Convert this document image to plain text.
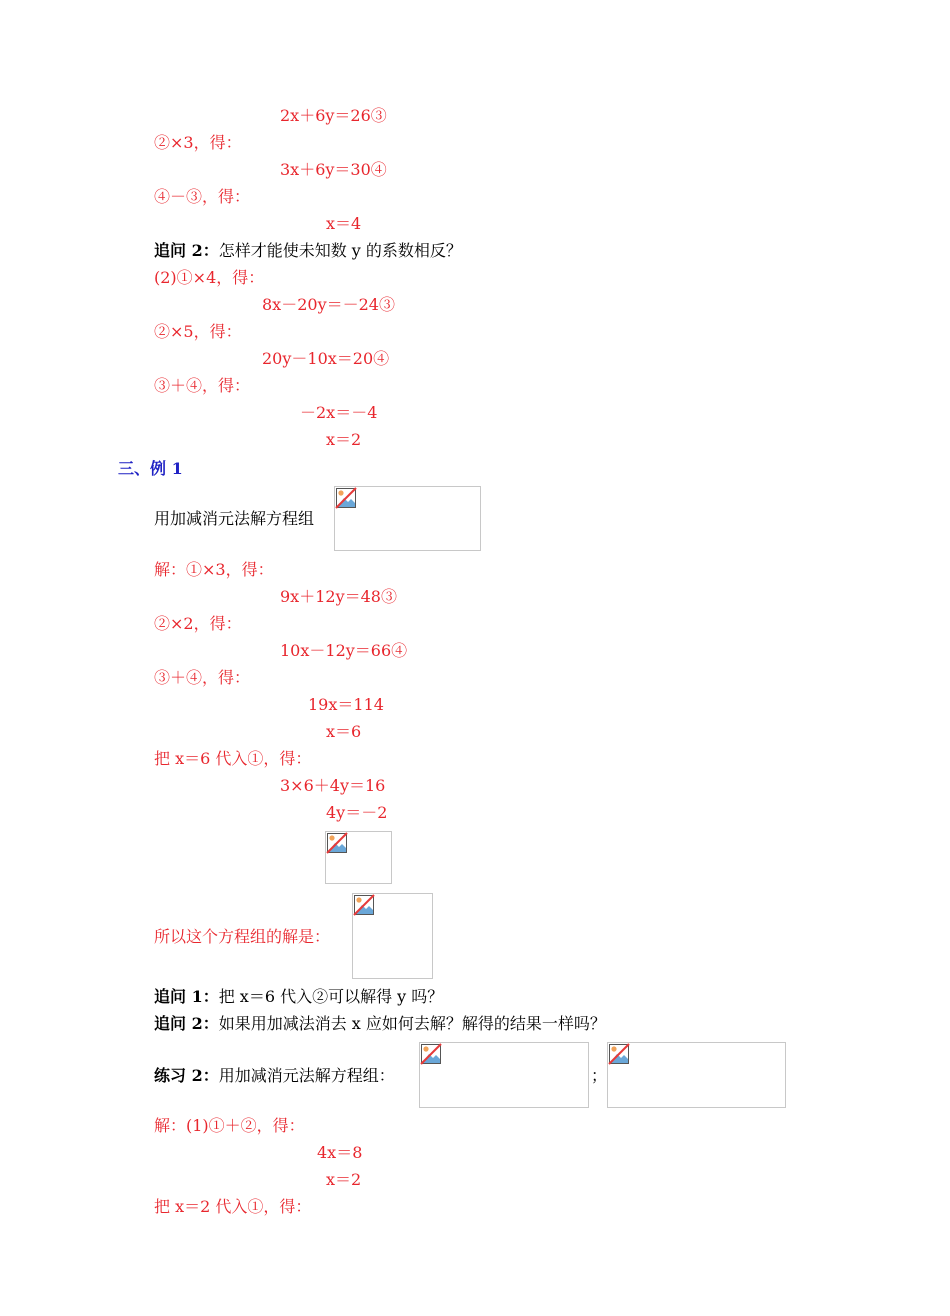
2x＋6y＝26③
②×3，得：
3x＋6y＝30④
④－③，得：
x＝4
追问 2：怎样才能使未知数 y 的系数相反？
(2)①×4，得：
8x－20y＝－24③
②×5，得：
20y－10x＝20④
③＋④，得：
－2x＝－4
x＝2
三、例 1
用加减消元法解方程组
解：①×3，得：
9x＋12y＝48③
②×2，得：
10x－12y＝66④
③＋④，得：
19x＝114
x＝6
把 x＝6 代入①，得：
3×6＋4y＝16
4y＝－2
所以这个方程组的解是：
追问 1：把 x＝6 代入②可以解得 y 吗？
追问 2：如果用加减法消去 x 应如何去解？解得的结果一样吗？
练习 2：用加减消元法解方程组：	；
解：(1)①＋②，得：
4x＝8
x＝2
把 x＝2 代入①，得：
